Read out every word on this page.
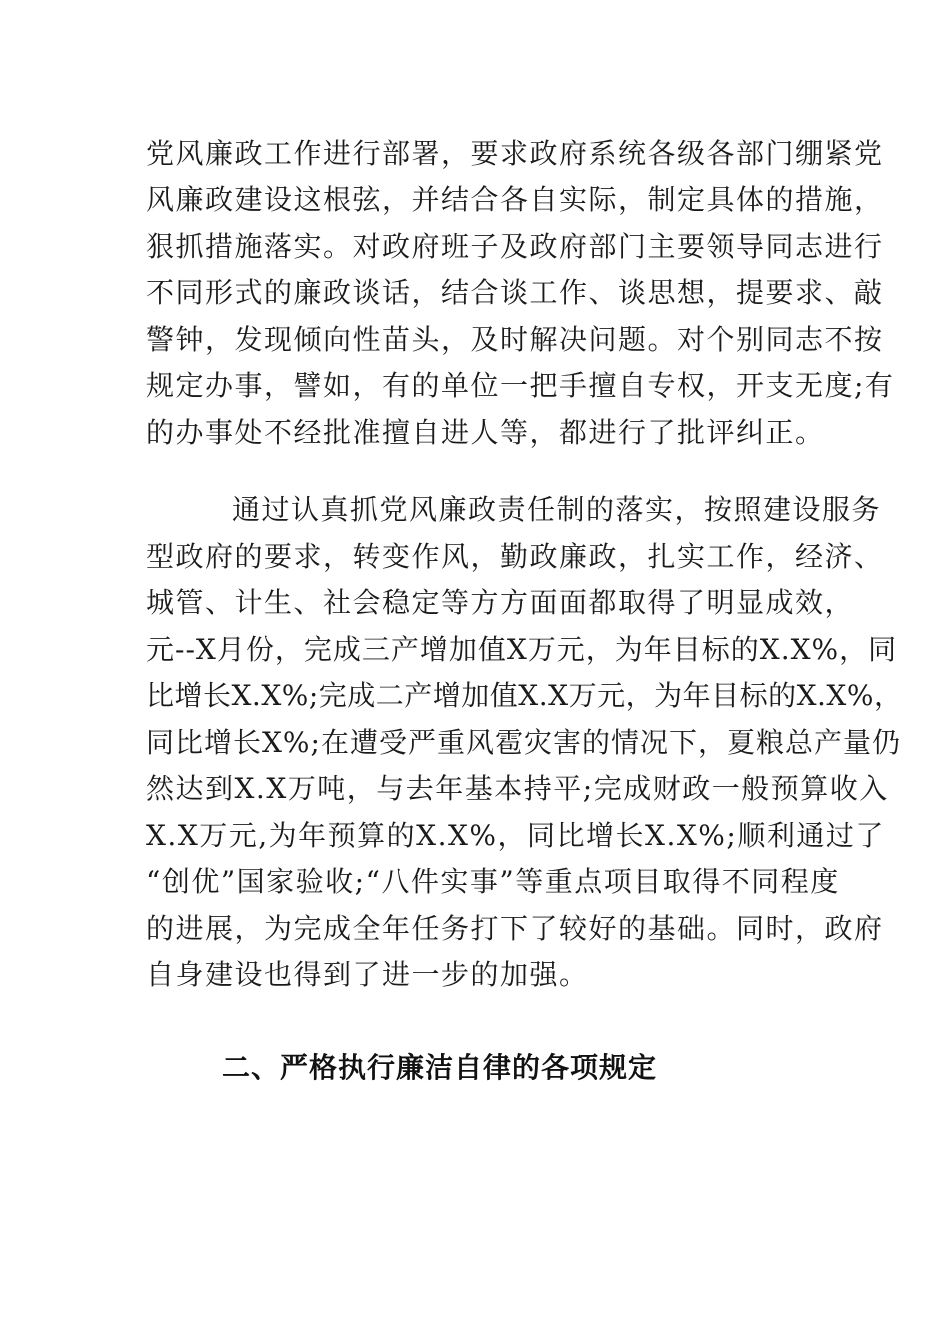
党风廉政工作进行部署，要求政府系统各级各部门绷紧党
风廉政建设这根弦，并结合各自实际，制定具体的措施，
狠抓措施落实。对政府班子及政府部门主要领导同志进行
不同形式的廉政谈话，结合谈工作、谈思想，提要求、敲
警钟，发现倾向性苗头，及时解决问题。对个别同志不按
规定办事，譬如，有的单位一把手擅自专权，开支无度;有
的办事处不经批准擅自进人等，都进行了批评纠正。
通过认真抓党风廉政责任制的落实，按照建设服务
型政府的要求，转变作风，勤政廉政，扎实工作，经济、
城管、计生、社会稳定等方方面面都取得了明显成效，
元--X月份，完成三产增加值X万元，为年目标的X.X%，同
比增长X.X%;完成二产增加值X.X万元，为年目标的X.X%，
同比增长X%;在遭受严重风雹灾害的情况下，夏粮总产量仍
然达到X.X万吨，与去年基本持平;完成财政一般预算收入
X.X万元,为年预算的X.X%，同比增长X.X%;顺利通过了
“创优”国家验收;“八件实事”等重点项目取得不同程度
的进展，为完成全年任务打下了较好的基础。同时，政府
自身建设也得到了进一步的加强。
二、严格执行廉洁自律的各项规定
